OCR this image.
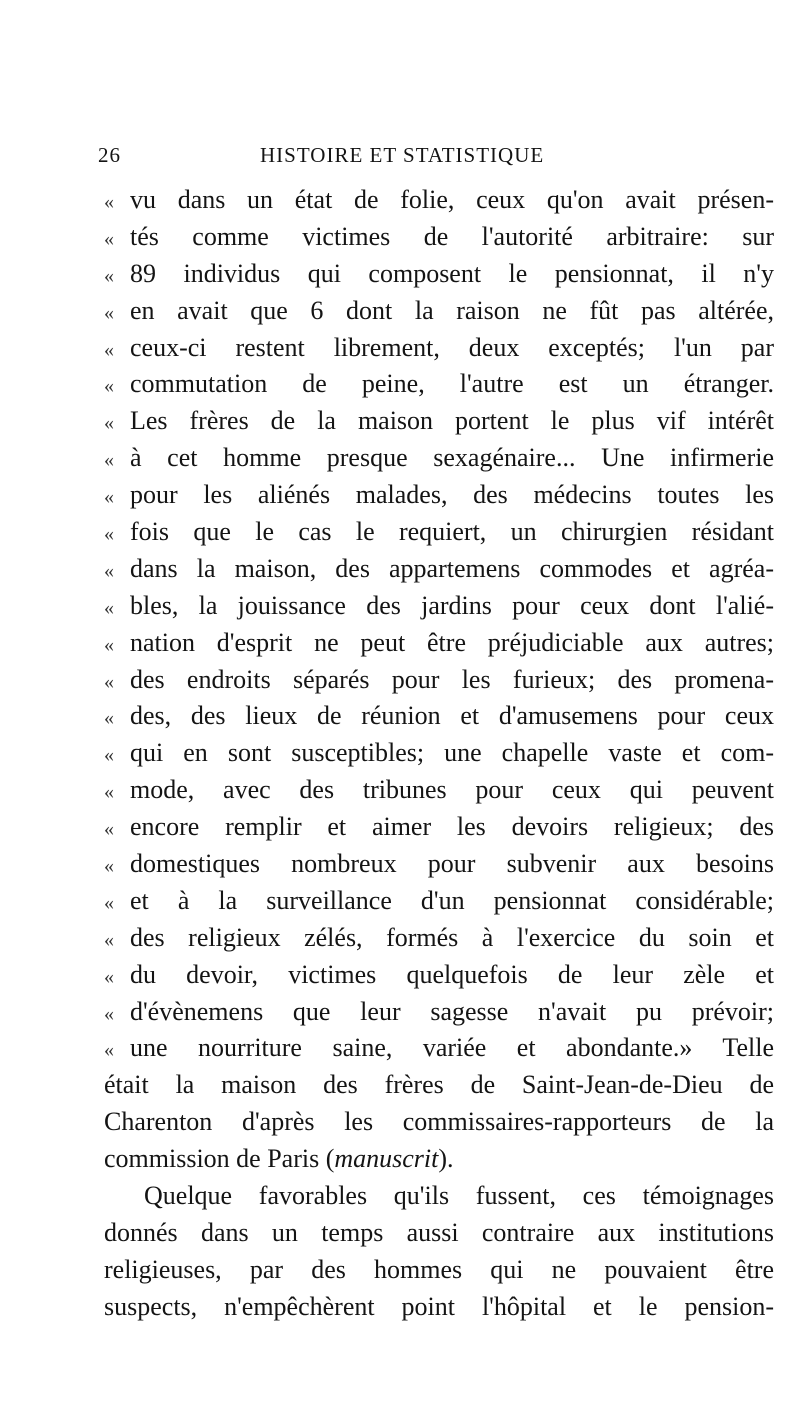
26	HISTOIRE ET STATISTIQUE
« vu dans un état de folie, ceux qu'on avait présen-
« tés comme victimes de l'autorité arbitraire: sur
« 89 individus qui composent le pensionnat, il n'y
« en avait que 6 dont la raison ne fût pas altérée,
« ceux-ci restent librement, deux exceptés; l'un par
« commutation de peine, l'autre est un étranger.
« Les frères de la maison portent le plus vif intérêt
« à cet homme presque sexagénaire... Une infirmerie
« pour les aliénés malades, des médecins toutes les
« fois que le cas le requiert, un chirurgien résidant
« dans la maison, des appartemens commodes et agréa-
« bles, la jouissance des jardins pour ceux dont l'alié-
« nation d'esprit ne peut être préjudiciable aux autres;
« des endroits séparés pour les furieux; des promena-
« des, des lieux de réunion et d'amusemens pour ceux
« qui en sont susceptibles; une chapelle vaste et com-
« mode, avec des tribunes pour ceux qui peuvent
« encore remplir et aimer les devoirs religieux; des
« domestiques nombreux pour subvenir aux besoins
« et à la surveillance d'un pensionnat considérable;
« des religieux zélés, formés à l'exercice du soin et
« du devoir, victimes quelquefois de leur zèle et
« d'évènemens que leur sagesse n'avait pu prévoir;
« une nourriture saine, variée et abondante.» Telle
était la maison des frères de Saint-Jean-de-Dieu de
Charenton d'après les commissaires-rapporteurs de la
commission de Paris (manuscrit).
Quelque favorables qu'ils fussent, ces témoignages
donnés dans un temps aussi contraire aux institutions
religieuses, par des hommes qui ne pouvaient être
suspects, n'empêchèrent point l'hôpital et le pension-
